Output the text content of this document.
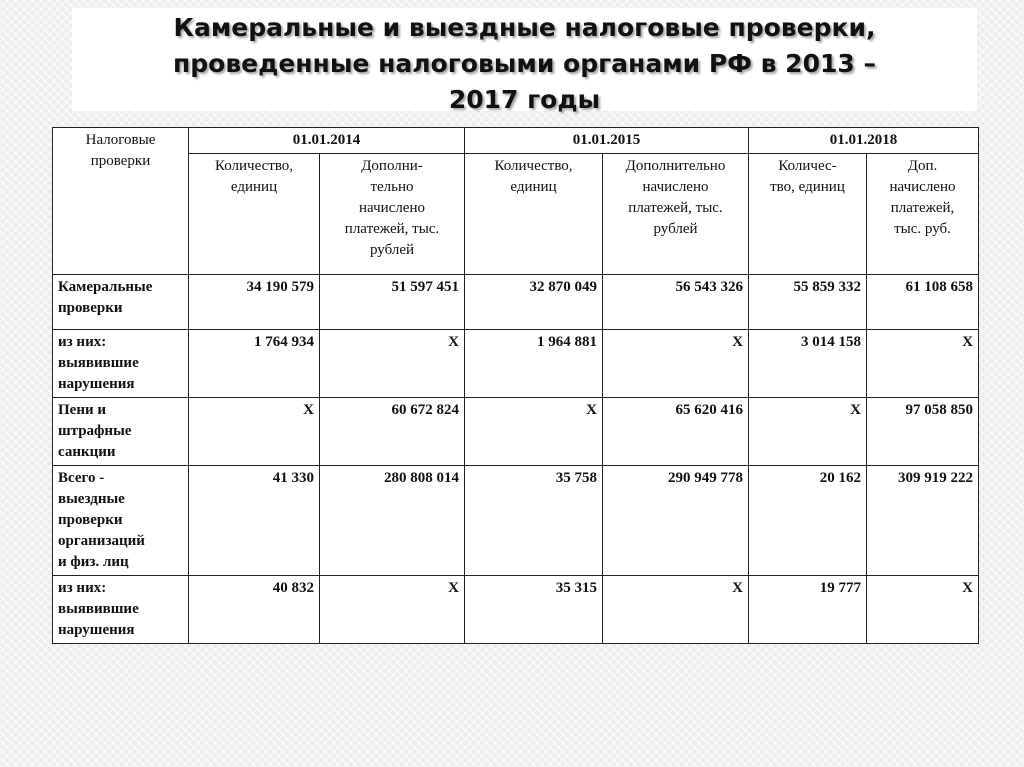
Камеральные и выездные налоговые проверки,
проведенные налоговыми органами РФ в 2013 –
2017 годы
Налоговые
проверки	01.01.2014		01.01.2015		01.01.2018	
	Количество,
единиц	Дополни-
тельно
начислено
платежей, тыс.
рублей	Количество,
единиц	Дополнительно
начислено
платежей, тыс.
рублей	Количес-
тво, единиц	Доп.
начислено
платежей,
тыс. руб.
Камеральные
проверки	34 190 579	51 597 451	32 870 049	56 543 326	55 859 332	61 108 658
из них:
выявившие
нарушения	1 764 934	Х	1 964 881	Х	3 014 158	Х
Пени и
штрафные
санкции	Х	60 672 824	Х	65 620 416	Х	97 058 850
Всего -
выездные
проверки
организаций
и физ. лиц	41 330	280 808 014	35 758	290 949 778	20 162	309 919 222
из них:
выявившие
нарушения	40 832	Х	35 315	Х	19 777	Х
